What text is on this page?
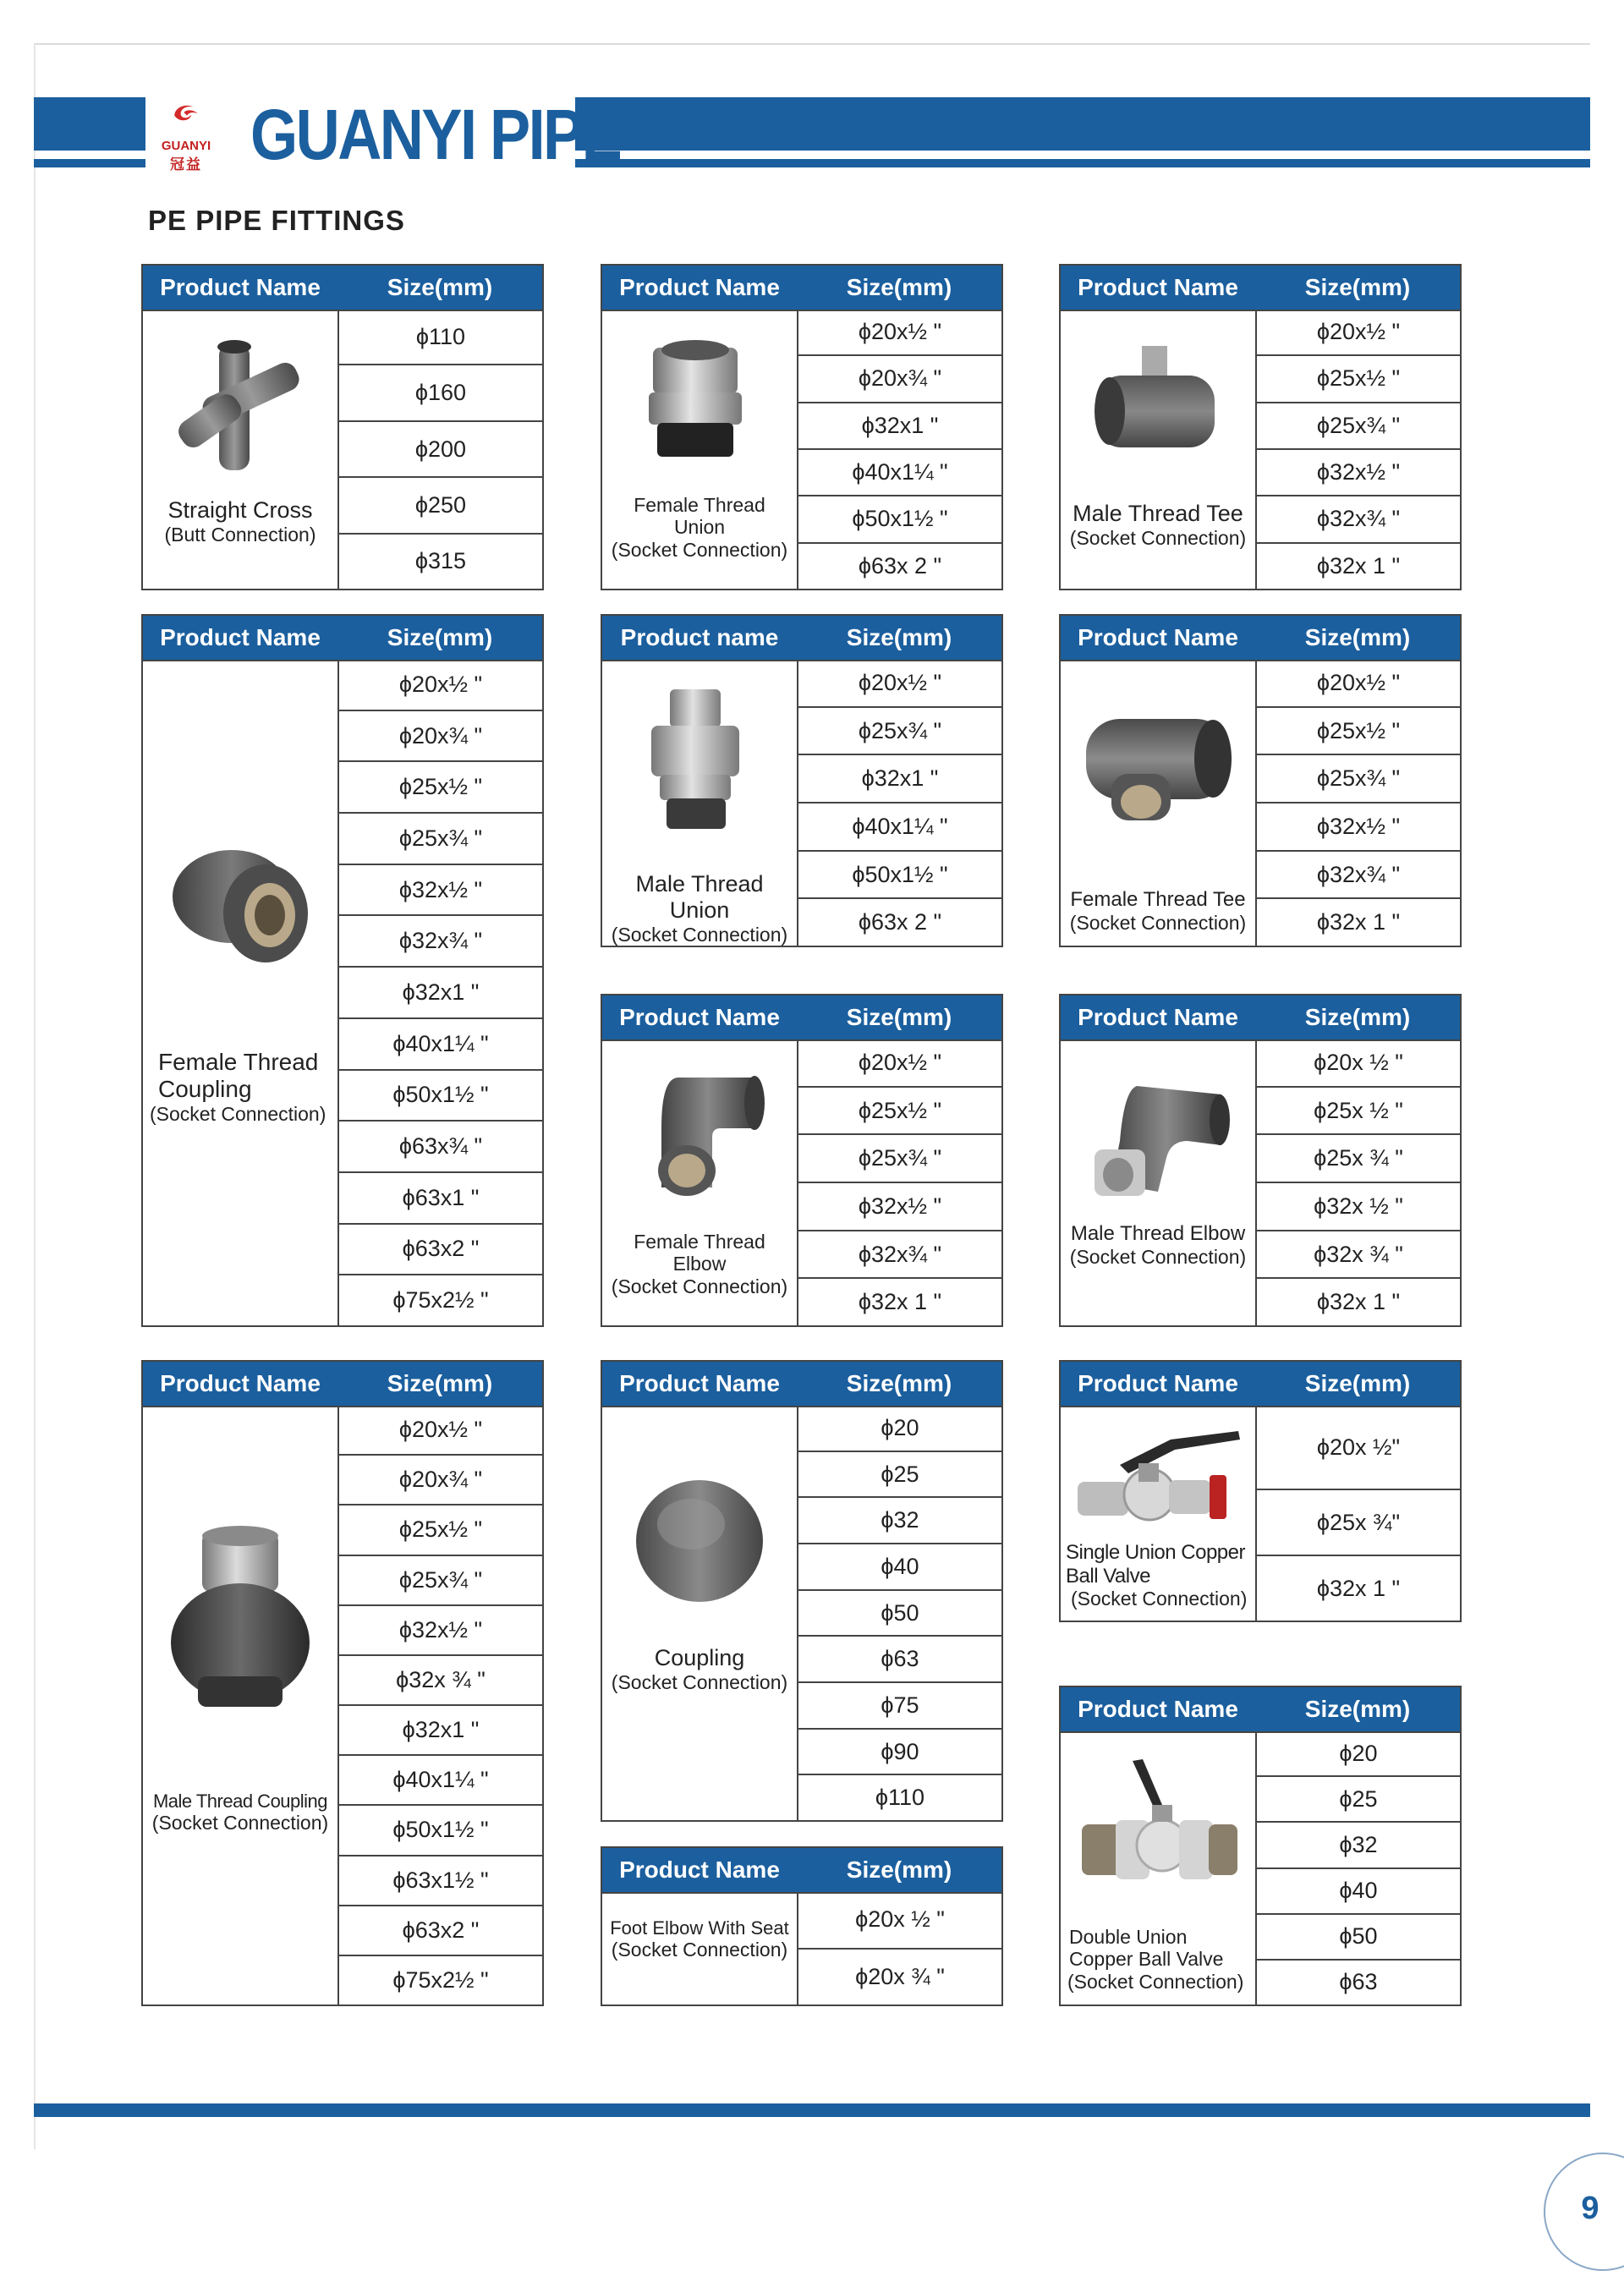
GUANYI
冠益 GUANYI PIPE
PE PIPE FITTINGS
Product Name	Size(mm)
Straight Cross
(Butt Connection)
ϕ110
ϕ160
ϕ200
ϕ250
ϕ315
Product Name	Size(mm)
Female Thread Union
(Socket Connection)
ϕ20x½ "
ϕ20x¾ "
ϕ32x1 "
ϕ40x1¼ "
ϕ50x1½ "
ϕ63x 2 "
Product Name	Size(mm)
Male Thread Tee
(Socket Connection)
ϕ20x½ "
ϕ25x½ "
ϕ25x¾ "
ϕ32x½ "
ϕ32x¾ "
ϕ32x 1 "
Product Name	Size(mm)
Female Thread Coupling
(Socket Connection)
ϕ20x½ "
ϕ20x¾ "
ϕ25x½ "
ϕ25x¾ "
ϕ32x½ "
ϕ32x¾ "
ϕ32x1 "
ϕ40x1¼ "
ϕ50x1½ "
ϕ63x¾ "
ϕ63x1 "
ϕ63x2 "
ϕ75x2½ "
Product name	Size(mm)
Male Thread Union
(Socket Connection)
ϕ20x½ "
ϕ25x¾ "
ϕ32x1 "
ϕ40x1¼ "
ϕ50x1½ "
ϕ63x 2 "
Product Name	Size(mm)
Female Thread Tee
(Socket Connection)
ϕ20x½ "
ϕ25x½ "
ϕ25x¾ "
ϕ32x½ "
ϕ32x¾ "
ϕ32x 1 "
Product Name	Size(mm)
Female Thread Elbow
(Socket Connection)
ϕ20x½ "
ϕ25x½ "
ϕ25x¾ "
ϕ32x½ "
ϕ32x¾ "
ϕ32x 1 "
Product Name	Size(mm)
Male Thread Elbow
(Socket Connection)
ϕ20x ½ "
ϕ25x ½ "
ϕ25x ¾ "
ϕ32x ½ "
ϕ32x ¾ "
ϕ32x 1 "
Product Name	Size(mm)
Male Thread Coupling
(Socket Connection)
ϕ20x½ "
ϕ20x¾ "
ϕ25x½ "
ϕ25x¾ "
ϕ32x½ "
ϕ32x ¾ "
ϕ32x1 "
ϕ40x1¼ "
ϕ50x1½ "
ϕ63x1½ "
ϕ63x2 "
ϕ75x2½ "
Product Name	Size(mm)
Coupling
(Socket Connection)
ϕ20
ϕ25
ϕ32
ϕ40
ϕ50
ϕ63
ϕ75
ϕ90
ϕ110
Product Name	Size(mm)
Single Union Copper Ball Valve
(Socket Connection)
ϕ20x ½"
ϕ25x ¾"
ϕ32x 1 "
Product Name	Size(mm)
Foot Elbow With Seat
(Socket Connection)
ϕ20x ½ "
ϕ20x ¾ "
Product Name	Size(mm)
Double Union Copper Ball Valve
(Socket Connection)
ϕ20
ϕ25
ϕ32
ϕ40
ϕ50
ϕ63
9
